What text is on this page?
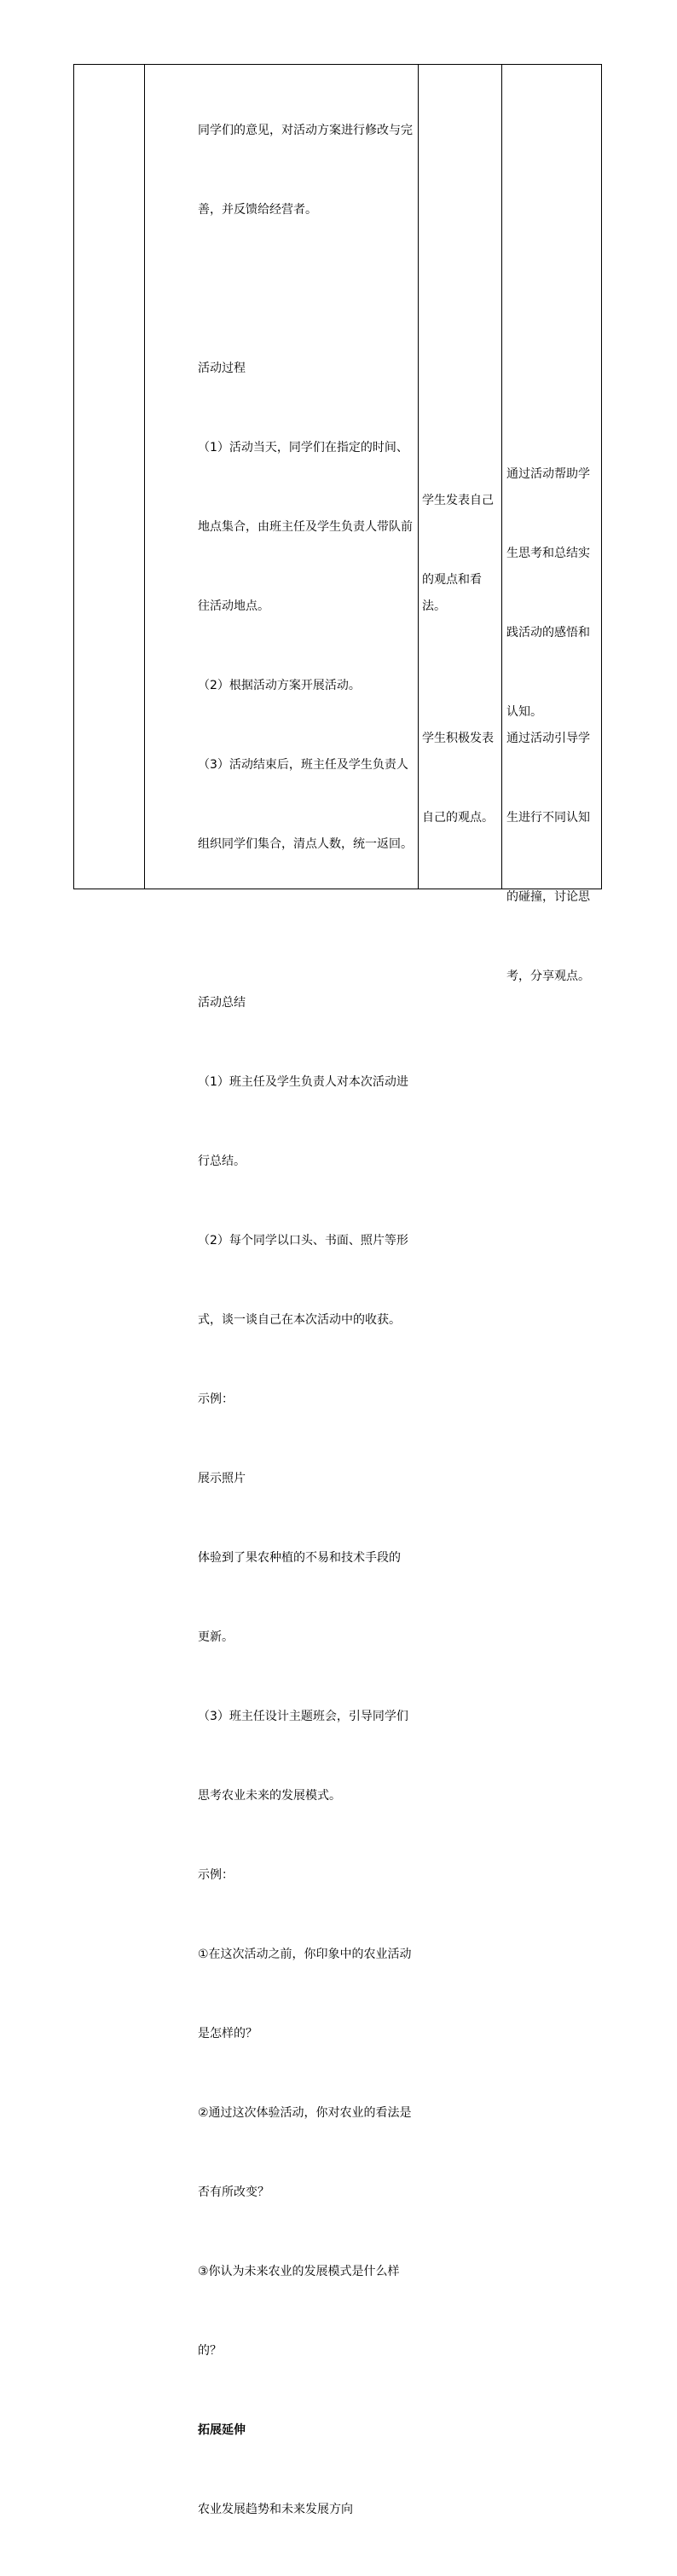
同学们的意见，对活动方案进行修改与完

善，并反馈给经营者。

活动过程

（1）活动当天，同学们在指定的时间、

地点集合，由班主任及学生负责人带队前

往活动地点。

（2）根据活动方案开展活动。

（3）活动结束后，班主任及学生负责人

组织同学们集合，清点人数，统一返回。

活动总结

（1）班主任及学生负责人对本次活动进

行总结。

（2）每个同学以口头、书面、照片等形

式，谈一谈自己在本次活动中的收获。

示例：

展示照片

体验到了果农种植的不易和技术手段的

更新。

（3）班主任设计主题班会，引导同学们

思考农业未来的发展模式。

示例：

①在这次活动之前，你印象中的农业活动

是怎样的？

②通过这次体验活动，你对农业的看法是

否有所改变？

③你认为未来农业的发展模式是什么样

的？

拓展延伸

农业发展趋势和未来发展方向

学生发表自己

的观点和看法。

学生积极发表

自己的观点。

通过活动帮助学

生思考和总结实

践活动的感悟和

认知。

通过活动引导学

生进行不同认知

的碰撞，讨论思

考，分享观点。
